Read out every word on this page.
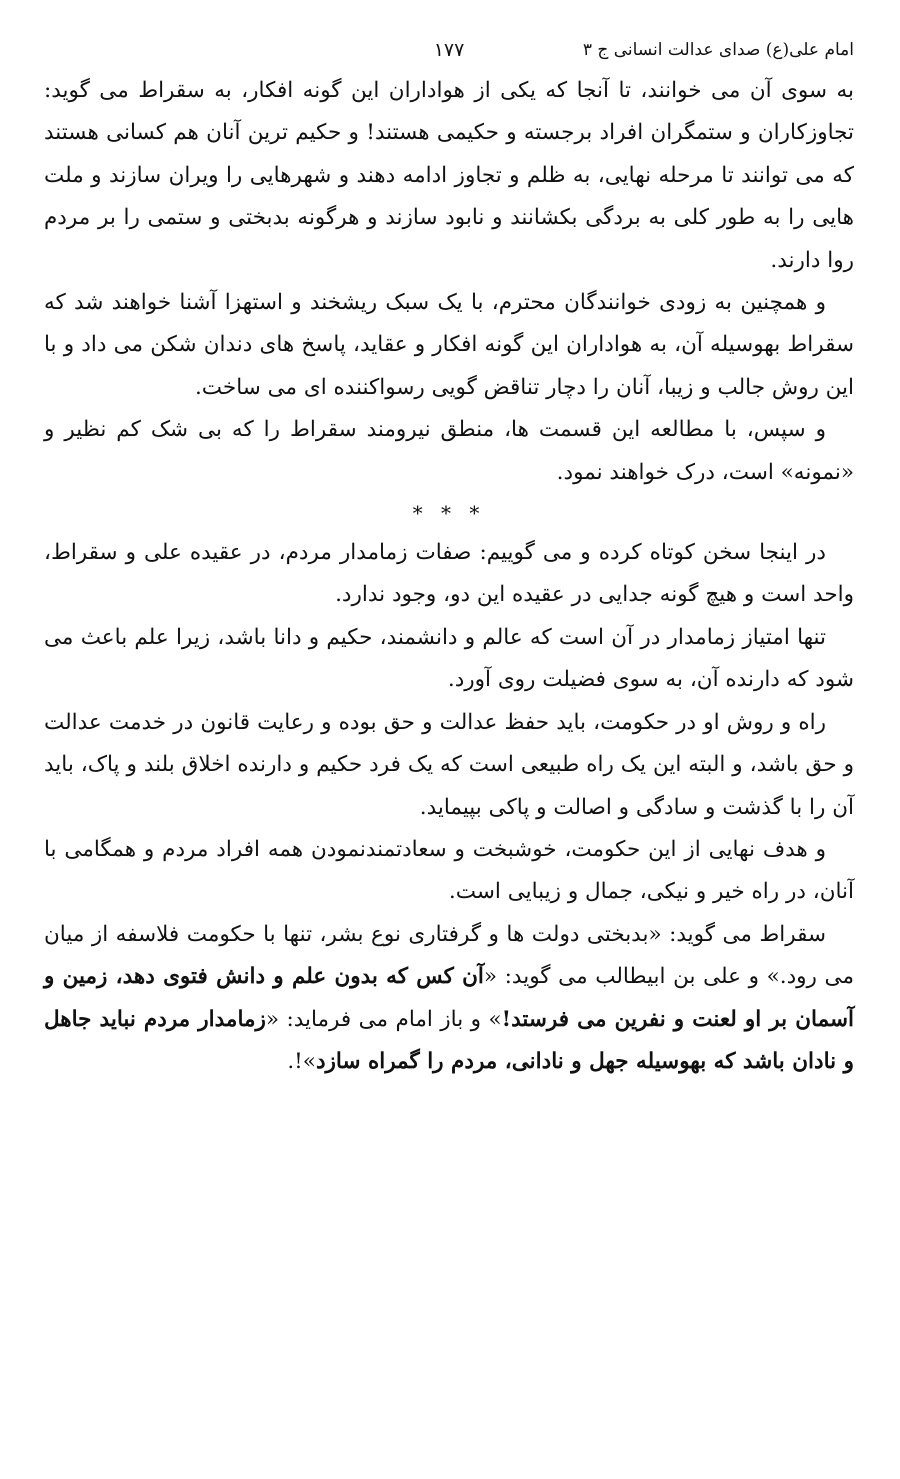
امام علی(ع) صدای عدالت انسانی ج ۳
۱۷۷

به سوی آن می خوانند، تا آنجا که یکی از هواداران این گونه افکار، به سقراط می گوید: تجاوزکاران و ستمگران افراد برجسته و حکیمی هستند! و حکیم ترین آنان هم کسانی هستند که می توانند تا مرحله نهایی، به ظلم و تجاوز ادامه دهند و شهرهایی را ویران سازند و ملت هایی را به طور کلی به بردگی بکشانند و نابود سازند و هرگونه بدبختی و ستمی را بر مردم روا دارند.

و همچنین به زودی خوانندگان محترم، با یک سبک ریشخند و استهزا آشنا خواهند شد که سقراط بهوسیله آن، به هواداران این گونه افکار و عقاید، پاسخ های دندان شکن می داد و با این روش جالب و زیبا، آنان را دچار تناقض گویی رسواکننده ای می ساخت.

و سپس، با مطالعه این قسمت ها، منطق نیرومند سقراط را که بی شک کم نظیر و «نمونه» است، درک خواهند نمود.

* * *

در اینجا سخن کوتاه کرده و می گوییم: صفات زمامدار مردم، در عقیده علی و سقراط، واحد است و هیچ گونه جدایی در عقیده این دو، وجود ندارد.

تنها امتیاز زمامدار در آن است که عالم و دانشمند، حکیم و دانا باشد، زیرا علم باعث می شود که دارنده آن، به سوی فضیلت روی آورد.

راه و روش او در حکومت، باید حفظ عدالت و حق بوده و رعایت قانون در خدمت عدالت و حق باشد، و البته این یک راه طبیعی است که یک فرد حکیم و دارنده اخلاق بلند و پاک، باید آن را با گذشت و سادگی و اصالت و پاکی بپیماید.

و هدف نهایی از این حکومت، خوشبخت و سعادتمندنمودن همه افراد مردم و همگامی با آنان، در راه خیر و نیکی، جمال و زیبایی است.

سقراط می گوید: «بدبختی دولت ها و گرفتاری نوع بشر، تنها با حکومت فلاسفه از میان می رود.» و علی بن ابیطالب می گوید: «آن کس که بدون علم و دانش فتوی دهد، زمین و آسمان بر او لعنت و نفرین می فرستد!» و باز امام می فرماید: «زمامدار مردم نباید جاهل و نادان باشد که بهوسیله جهل و نادانی، مردم را گمراه سازد»!.
